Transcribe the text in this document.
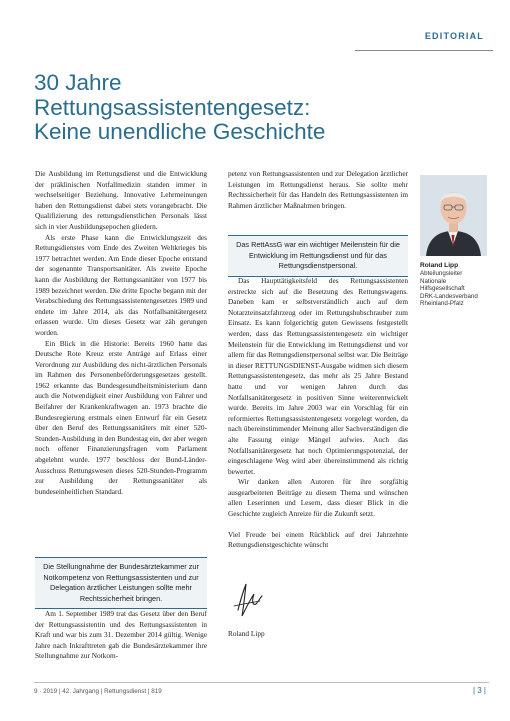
EDITORIAL
30 Jahre
Rettungsassistentengesetz:
Keine unendliche Geschichte

Die Ausbildung im Rettungsdienst und die Entwicklung der präklinischen Notfallmedizin standen immer in wechselseitiger Beziehung. Innovative Lehrmeinungen haben den Rettungsdienst dabei stets vorangebracht. Die Qualifizierung des rettungsdienstlichen Personals lässt sich in vier Ausbildungsepochen gliedern.

Als erste Phase kann die Entwicklungszeit des Rettungsdienstes vom Ende des Zweiten Weltkrieges bis 1977 betrachtet werden. Am Ende dieser Epoche entstand der sogenannte Transportsanitäter. Als zweite Epoche kann die Ausbildung der Rettungssanitäter von 1977 bis 1989 bezeichnet werden. Die dritte Epoche begann mit der Verabschiedung des Rettungsassistentengesetzes 1989 und endete im Jahre 2014, als das Notfallsanitätergesetz erlassen wurde. Um dieses Gesetz war zäh gerungen worden.

Ein Blick in die Historie: Bereits 1960 hatte das Deutsche Rote Kreuz erste Anträge auf Erlass einer Verordnung zur Ausbildung des nicht-ärztlichen Personals im Rahmen des Personenbeförderungsgesetzes gestellt. 1962 erkannte das Bundesgesundheitsministerium dann auch die Notwendigkeit einer Ausbildung von Fahrer und Beifahrer der Krankenkraftwagen an. 1973 brachte die Bundesregierung erstmals einen Entwurf für ein Gesetz über den Beruf des Rettungssanitäters mit einer 520-Stunden-Ausbildung in den Bundestag ein, der aber wegen noch offener Finanzierungsfragen vom Parlament abgelehnt wurde. 1977 beschloss der Bund-Länder-Ausschuss Rettungswesen dieses 520-Stunden-Programm zur Ausbildung der Rettungssanitäter als bundeseinheitlichen Standard.

Die Stellungnahme der Bundesärztekammer zur Notkompetenz von Rettungsassistenten und zur Delegation ärztlicher Leistungen sollte mehr Rechtssicherheit bringen.

Am 1. September 1989 trat das Gesetz über den Beruf der Rettungsassistentin und des Rettungsassistenten in Kraft und war bis zum 31. Dezember 2014 gültig. Wenige Jahre nach Inkrafttreten gab die Bundesärztekammer ihre Stellungnahme zur Notkom-

petenz von Rettungsassistenten und zur Delegation ärztlicher Leistungen im Rettungsdienst heraus. Sie sollte mehr Rechtssicherheit für das Handeln des Rettungsassistenten im Rahmen ärztlicher Maßnahmen bringen.

Das RettAssG war ein wichtiger Meilenstein für die Entwicklung im Rettungsdienst und für das Rettungsdienstpersonal.

Das Haupttätigkeitsfeld des Rettungsassistenten erstreckte sich auf die Besetzung des Rettungswagens. Daneben kam er selbstverständlich auch auf dem Notarzteinsatzfahrzeug oder im Rettungshubschrauber zum Einsatz. Es kann folgerichtig guten Gewissens festgestellt werden, dass das Rettungsassistentengesetz ein wichtiger Meilenstein für die Entwicklung im Rettungsdienst und vor allem für das Rettungsdienstpersonal selbst war. Die Beiträge in dieser RETTUNGSDIENST-Ausgabe widmen sich diesem Rettungsassistentengesetz, das mehr als 25 Jahre Bestand hatte und vor wenigen Jahren durch das Notfallsanitätergesetz in positiven Sinne weiterentwickelt wurde. Bereits im Jahre 2003 war ein Vorschlag für ein reformiertes Rettungsassistentengesetz vorgelegt worden, da nach übereinstimmender Meinung aller Sachverständigen die alte Fassung einige Mängel aufwies. Auch das Notfallsanitätergesetz hat noch Optimierungspotenzial, der eingeschlagene Weg wird aber übereinstimmend als richtig bewertet.

Wir danken allen Autoren für ihre sorgfältig ausgearbeiteten Beiträge zu diesem Thema und wünschen allen Leserinnen und Lesern, dass dieser Blick in die Geschichte zugleich Anreize für die Zukunft setzt.

Viel Freude bei einem Rückblick auf drei Jahrzehnte Rettungsdienstgeschichte wünscht

Roland Lipp
Roland Lipp
Abteilungsleiter
Nationale
Hilfsgesellschaft
DRK-Landesverband
Rheinland-Pfalz
9 · 2019 | 42. Jahrgang | Rettungsdienst | 819	| 3 |
